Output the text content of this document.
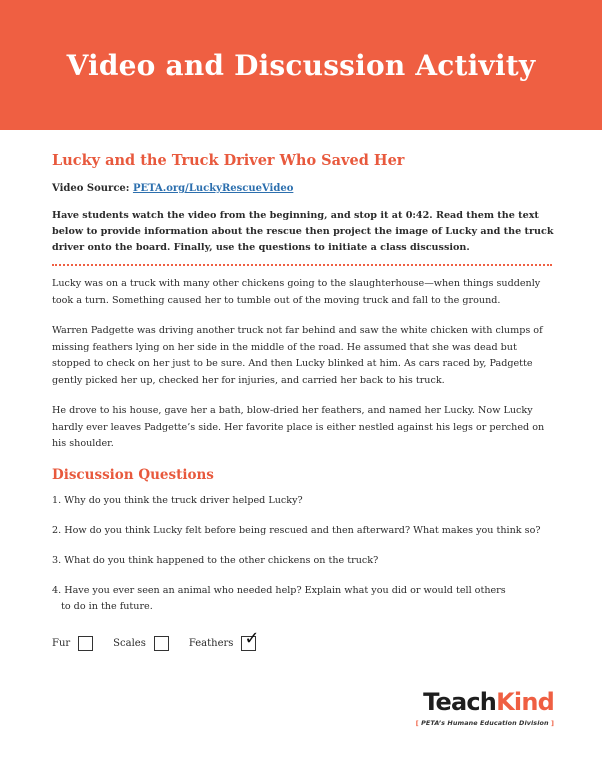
Video and Discussion Activity
Lucky and the Truck Driver Who Saved Her
Video Source: PETA.org/LuckyRescueVideo
Have students watch the video from the beginning, and stop it at 0:42. Read them the text below to provide information about the rescue then project the image of Lucky and the truck driver onto the board. Finally, use the questions to initiate a class discussion.

Lucky was on a truck with many other chickens going to the slaughterhouse—when things suddenly took a turn. Something caused her to tumble out of the moving truck and fall to the ground.

Warren Padgette was driving another truck not far behind and saw the white chicken with clumps of missing feathers lying on her side in the middle of the road. He assumed that she was dead but stopped to check on her just to be sure. And then Lucky blinked at him. As cars raced by, Padgette gently picked her up, checked her for injuries, and carried her back to his truck.

He drove to his house, gave her a bath, blow-dried her feathers, and named her Lucky. Now Lucky hardly ever leaves Padgette’s side. Her favorite place is either nestled against his legs or perched on his shoulder.

Discussion Questions
1. Why do you think the truck driver helped Lucky?
2. How do you think Lucky felt before being rescued and then afterward? What makes you think so?
3. What do you think happened to the other chickens on the truck?
4. Have you ever seen an animal who needed help? Explain what you did or would tell others
to do in the future.
Fur	Scales	Feathers ✓
TeachKind
[ PETA’s Humane Education Division ]
